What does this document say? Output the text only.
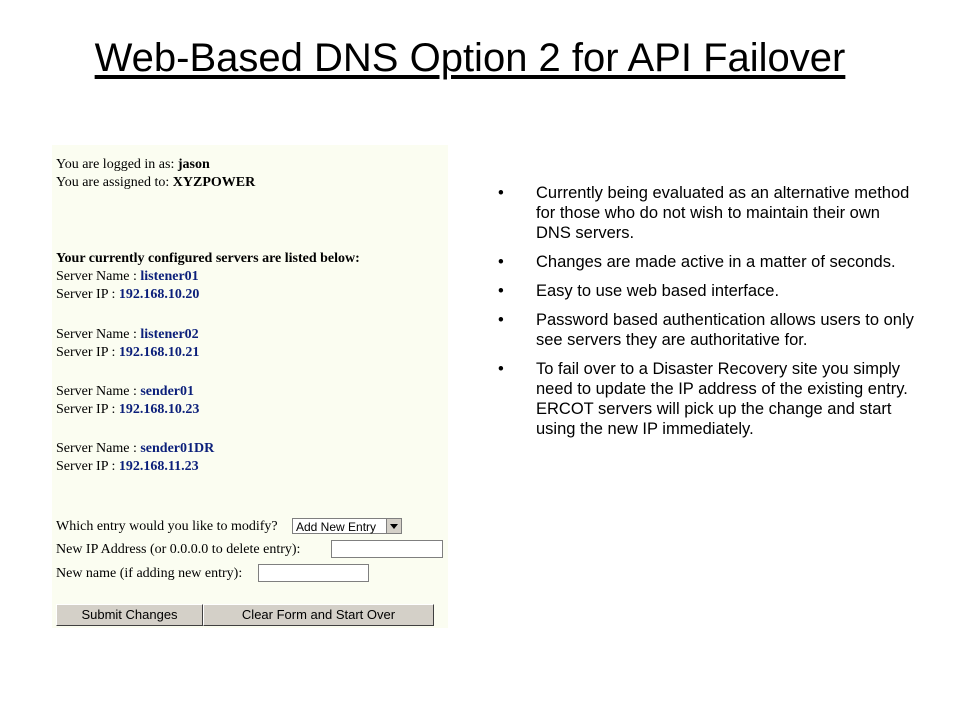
Web-Based DNS Option 2 for API Failover
You are logged in as: jason
You are assigned to: XYZPOWER
Your currently configured servers are listed below:
Server Name : listener01
Server IP : 192.168.10.20
Server Name : listener02
Server IP : 192.168.10.21
Server Name : sender01
Server IP : 192.168.10.23
Server Name : sender01DR
Server IP : 192.168.11.23
Which entry would you like to modify? Add New Entry
New IP Address (or 0.0.0.0 to delete entry):
New name (if adding new entry):
Submit Changes	Clear Form and Start Over
• Currently being evaluated as an alternative method for those who do not wish to maintain their own DNS servers.
• Changes are made active in a matter of seconds.
• Easy to use web based interface.
• Password based authentication allows users to only see servers they are authoritative for.
• To fail over to a Disaster Recovery site you simply need to update the IP address of the existing entry. ERCOT servers will pick up the change and start using the new IP immediately.
